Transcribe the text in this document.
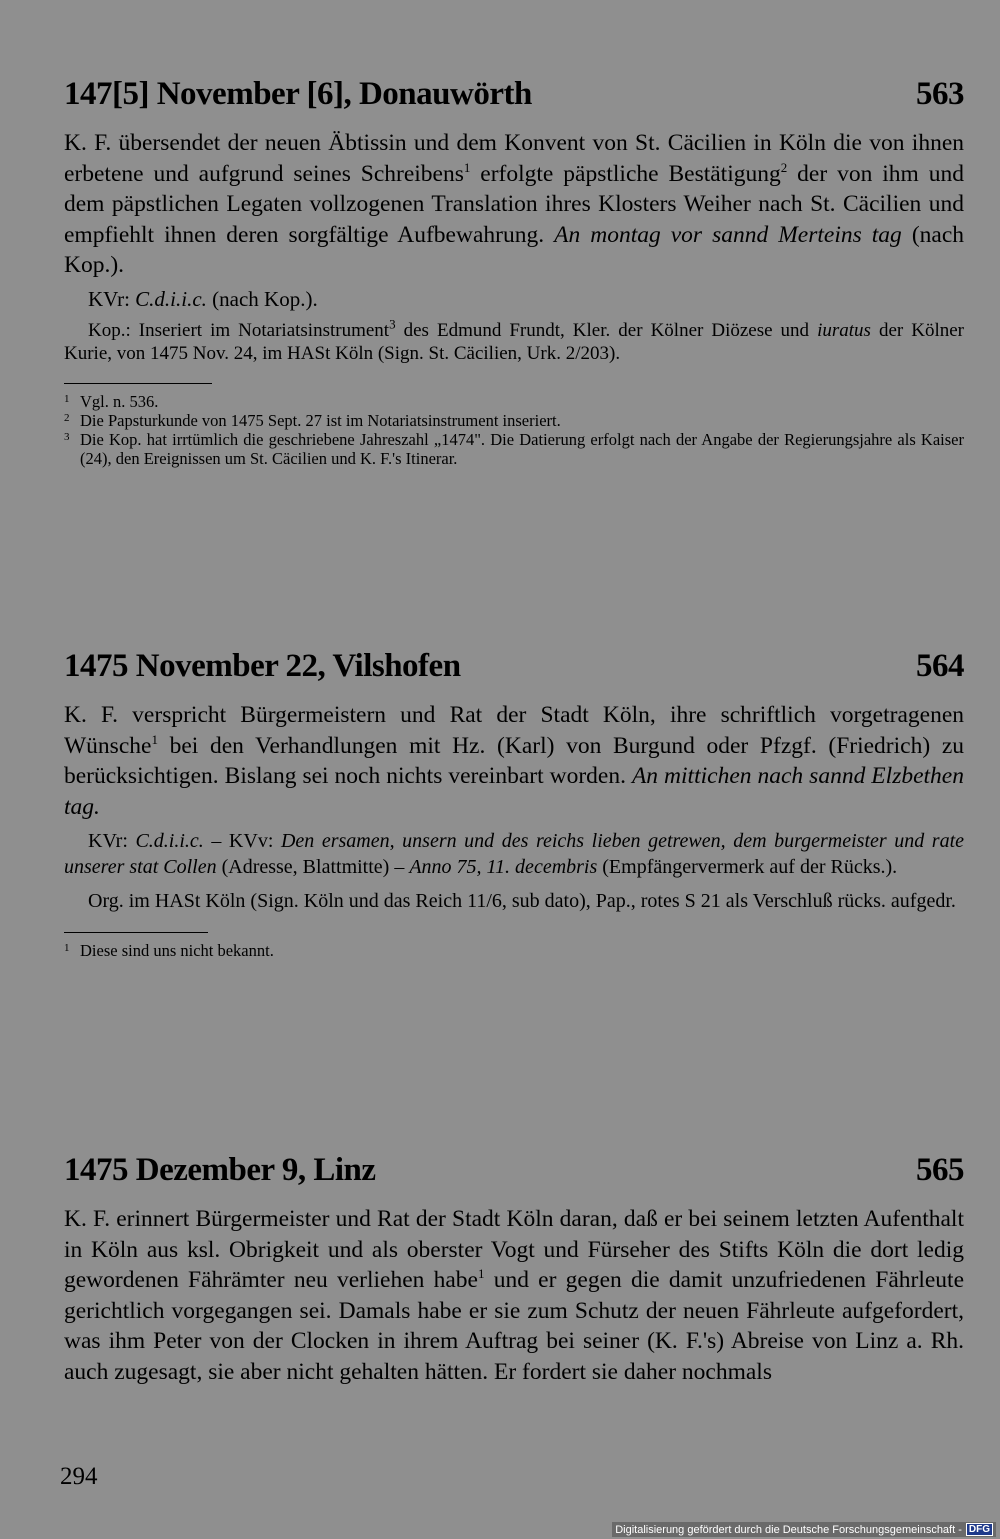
147[5] November [6], Donauwörth	563

K. F. übersendet der neuen Äbtissin und dem Konvent von St. Cäcilien in Köln die von ihnen erbetene und aufgrund seines Schreibens$^1$ erfolgte päpstliche Bestätigung$^2$ der von ihm und dem päpstlichen Legaten vollzogenen Translation ihres Klosters Weiher nach St. Cäcilien und empfiehlt ihnen deren sorgfältige Aufbewahrung. An montag vor sannd Merteins tag (nach Kop.).

KVr: C.d.i.i.c. (nach Kop.).

Kop.: Inseriert im Notariatsinstrument$^3$ des Edmund Frundt, Kler. der Kölner Diözese und iuratus der Kölner Kurie, von 1475 Nov. 24, im HASt Köln (Sign. St. Cäcilien, Urk. 2/203).

1 Vgl. n. 536.

2 Die Papsturkunde von 1475 Sept. 27 ist im Notariatsinstrument inseriert.

3 Die Kop. hat irrtümlich die geschriebene Jahreszahl „1474". Die Datierung erfolgt nach der Angabe der Regierungsjahre als Kaiser (24), den Ereignissen um St. Cäcilien und K. F.'s Itinerar.

1475 November 22, Vilshofen	564

K. F. verspricht Bürgermeistern und Rat der Stadt Köln, ihre schriftlich vorgetragenen Wünsche$^1$ bei den Verhandlungen mit Hz. (Karl) von Burgund oder Pfzgf. (Friedrich) zu berücksichtigen. Bislang sei noch nichts vereinbart worden. An mittichen nach sannd Elzbethen tag.

KVr: C.d.i.i.c. – KVv: Den ersamen, unsern und des reichs lieben getrewen, dem burgermeister und rate unserer stat Collen (Adresse, Blattmitte) – Anno 75, 11. decembris (Empfängervermerk auf der Rücks.).

Org. im HASt Köln (Sign. Köln und das Reich 11/6, sub dato), Pap., rotes S 21 als Verschluß rücks. aufgedr.

1 Diese sind uns nicht bekannt.

1475 Dezember 9, Linz	565

K. F. erinnert Bürgermeister und Rat der Stadt Köln daran, daß er bei seinem letzten Aufenthalt in Köln aus ksl. Obrigkeit und als oberster Vogt und Fürseher des Stifts Köln die dort ledig gewordenen Fährämter neu verliehen habe$^1$ und er gegen die damit unzufriedenen Fährleute gerichtlich vorgegangen sei. Damals habe er sie zum Schutz der neuen Fährleute aufgefordert, was ihm Peter von der Clocken in ihrem Auftrag bei seiner (K. F.'s) Abreise von Linz a. Rh. auch zugesagt, sie aber nicht gehalten hätten. Er fordert sie daher nochmals

294
Digitalisierung gefördert durch die Deutsche Forschungsgemeinschaft - DFG
